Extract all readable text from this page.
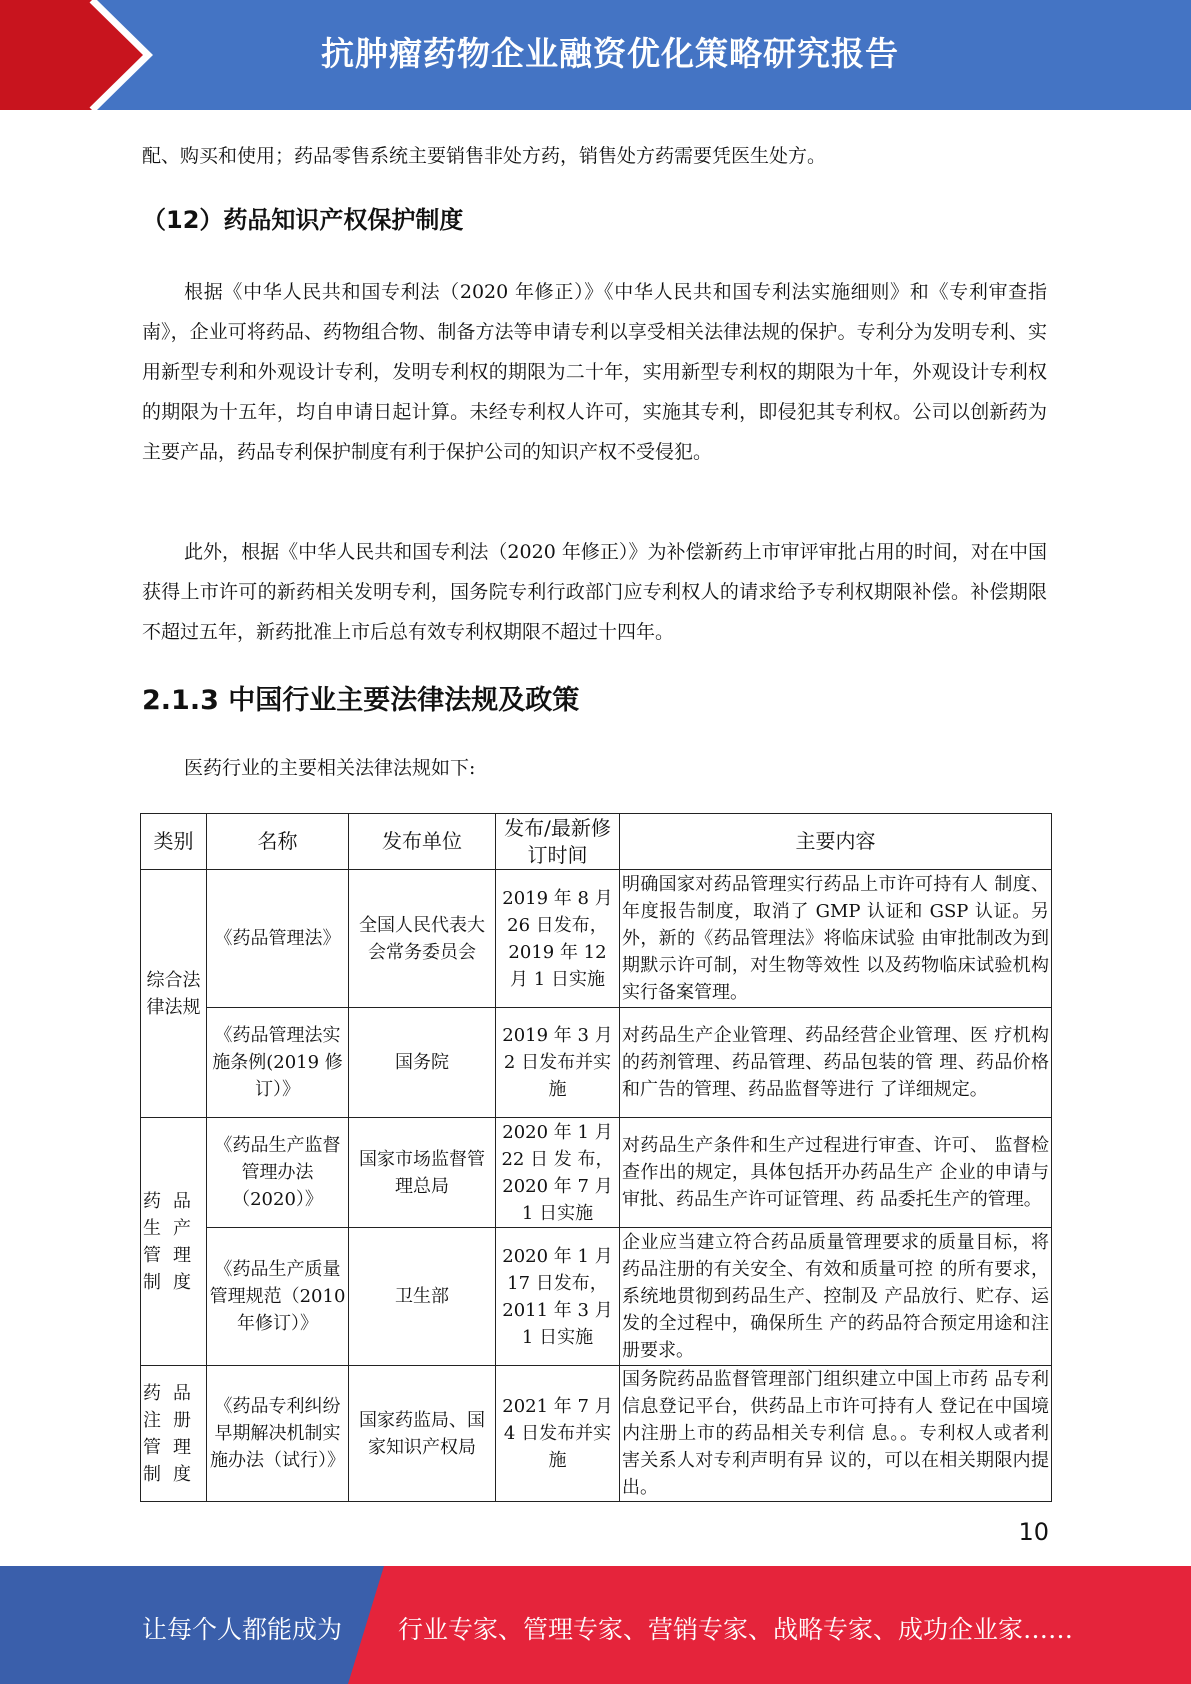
抗肿瘤药物企业融资优化策略研究报告

配、购买和使用；药品零售系统主要销售非处方药，销售处方药需要凭医生处方。

（12）药品知识产权保护制度

根据《中华人民共和国专利法（2020 年修正）》《中华人民共和国专利法实施细则》和《专利审查指南》，企业可将药品、药物组合物、制备方法等申请专利以享受相关法律法规的保护。专利分为发明专利、实用新型专利和外观设计专利，发明专利权的期限为二十年，实用新型专利权的期限为十年，外观设计专利权的期限为十五年，均自申请日起计算。未经专利权人许可，实施其专利，即侵犯其专利权。公司以创新药为主要产品，药品专利保护制度有利于保护公司的知识产权不受侵犯。

此外，根据《中华人民共和国专利法（2020 年修正）》为补偿新药上市审评审批占用的时间，对在中国获得上市许可的新药相关发明专利，国务院专利行政部门应专利权人的请求给予专利权期限补偿。补偿期限不超过五年，新药批准上市后总有效专利权期限不超过十四年。

2.1.3 中国行业主要法律法规及政策

医药行业的主要相关法律法规如下:

类别	名称	发布单位	发布/最新修订时间	主要内容
综合法律法规	《药品管理法》	全国人民代表大会常务委员会	2019 年 8 月 26 日发布，2019 年 12 月 1 日实施	明确国家对药品管理实行药品上市许可持有人 制度、年度报告制度，取消了 GMP 认证和 GSP 认证。另外，新的《药品管理法》将临床试验 由审批制改为到期默示许可制，对生物等效性 以及药物临床试验机构实行备案管理。
	《药品管理法实施条例(2019 修订）》	国务院	2019 年 3 月 2 日发布并实施	对药品生产企业管理、药品经营企业管理、医 疗机构的药剂管理、药品管理、药品包装的管 理、药品价格和广告的管理、药品监督等进行 了详细规定。
药品生产管理制度	《药品生产监督管理办法（2020）》	国家市场监督管理总局	2020 年 1 月 22 日 发 布，2020 年 7 月 1 日实施	对药品生产条件和生产过程进行审查、许可、 监督检查作出的规定，具体包括开办药品生产 企业的申请与审批、药品生产许可证管理、药 品委托生产的管理。
	《药品生产质量管理规范（2010 年修订）》	卫生部	2020 年 1 月 17 日发布，2011 年 3 月 1 日实施	企业应当建立符合药品质量管理要求的质量目标，将药品注册的有关安全、有效和质量可控 的所有要求，系统地贯彻到药品生产、控制及 产品放行、贮存、运发的全过程中，确保所生 产的药品符合预定用途和注册要求。
药品注册管理制度	《药品专利纠纷早期解决机制实施办法（试行）》	国家药监局、国家知识产权局	2021 年 7 月 4 日发布并实施	国务院药品监督管理部门组织建立中国上市药 品专利信息登记平台，供药品上市许可持有人 登记在中国境内注册上市的药品相关专利信 息。。专利权人或者利害关系人对专利声明有异 议的，可以在相关期限内提出。
10
让每个人都能成为 行业专家、管理专家、营销专家、战略专家、成功企业家……
